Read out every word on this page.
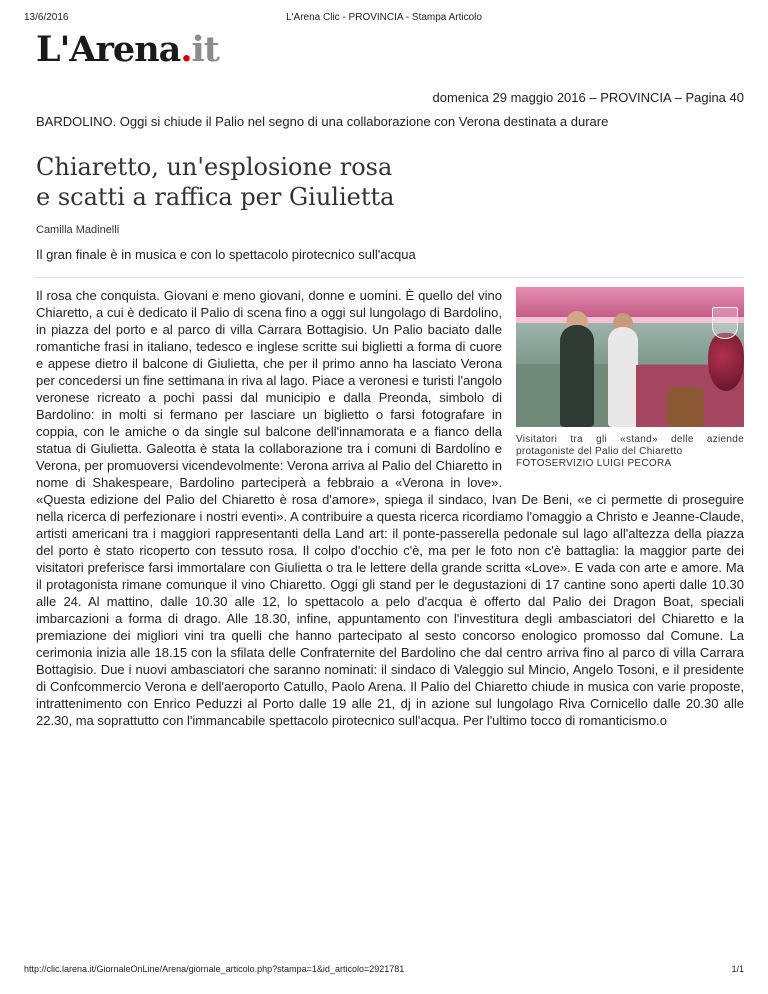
13/6/2016	L'Arena Clic - PROVINCIA - Stampa Articolo
L'Arena.it
domenica 29 maggio 2016 – PROVINCIA – Pagina 40
BARDOLINO. Oggi si chiude il Palio nel segno di una collaborazione con Verona destinata a durare
Chiaretto, un'esplosione rosa
e scatti a raffica per Giulietta
Camilla Madinelli
Il gran finale è in musica e con lo spettacolo pirotecnico sull'acqua

Visitatori tra gli «stand» delle aziende protagoniste del Palio del Chiaretto
FOTOSERVIZIO LUIGI PECORA

Il rosa che conquista. Giovani e meno giovani, donne e uomini. È quello del vino Chiaretto, a cui è dedicato il Palio di scena fino a oggi sul lungolago di Bardolino, in piazza del porto e al parco di villa Carrara Bottagisio. Un Palio baciato dalle romantiche frasi in italiano, tedesco e inglese scritte sui biglietti a forma di cuore e appese dietro il balcone di Giulietta, che per il primo anno ha lasciato Verona per concedersi un fine settimana in riva al lago. Piace a veronesi e turisti l'angolo veronese ricreato a pochi passi dal municipio e dalla Preonda, simbolo di Bardolino: in molti si fermano per lasciare un biglietto o farsi fotografare in coppia, con le amiche o da single sul balcone dell'innamorata e a fianco della statua di Giulietta. Galeotta è stata la collaborazione tra i comuni di Bardolino e Verona, per promuoversi vicendevolmente: Verona arriva al Palio del Chiaretto in nome di Shakespeare, Bardolino parteciperà a febbraio a «Verona in love». «Questa edizione del Palio del Chiaretto è rosa d'amore», spiega il sindaco, Ivan De Beni, «e ci permette di proseguire nella ricerca di perfezionare i nostri eventi». A contribuire a questa ricerca ricordiamo l'omaggio a Christo e Jeanne-Claude, artisti americani tra i maggiori rappresentanti della Land art: il ponte-passerella pedonale sul lago all'altezza della piazza del porto è stato ricoperto con tessuto rosa. Il colpo d'occhio c'è, ma per le foto non c'è battaglia: la maggior parte dei visitatori preferisce farsi immortalare con Giulietta o tra le lettere della grande scritta «Love». E vada con arte e amore. Ma il protagonista rimane comunque il vino Chiaretto. Oggi gli stand per le degustazioni di 17 cantine sono aperti dalle 10.30 alle 24. Al mattino, dalle 10.30 alle 12, lo spettacolo a pelo d'acqua è offerto dal Palio dei Dragon Boat, speciali imbarcazioni a forma di drago. Alle 18.30, infine, appuntamento con l'investitura degli ambasciatori del Chiaretto e la premiazione dei migliori vini tra quelli che hanno partecipato al sesto concorso enologico promosso dal Comune. La cerimonia inizia alle 18.15 con la sfilata delle Confraternite del Bardolino che dal centro arriva fino al parco di villa Carrara Bottagisio. Due i nuovi ambasciatori che saranno nominati: il sindaco di Valeggio sul Mincio, Angelo Tosoni, e il presidente di Confcommercio Verona e dell'aeroporto Catullo, Paolo Arena. Il Palio del Chiaretto chiude in musica con varie proposte, intrattenimento con Enrico Peduzzi al Porto dalle 19 alle 21, dj in azione sul lungolago Riva Cornicello dalle 20.30 alle 22.30, ma soprattutto con l'immancabile spettacolo pirotecnico sull'acqua. Per l'ultimo tocco di romanticismo.o

http://clic.larena.it/GiornaleOnLine/Arena/giornale_articolo.php?stampa=1&id_articolo=2921781	1/1
